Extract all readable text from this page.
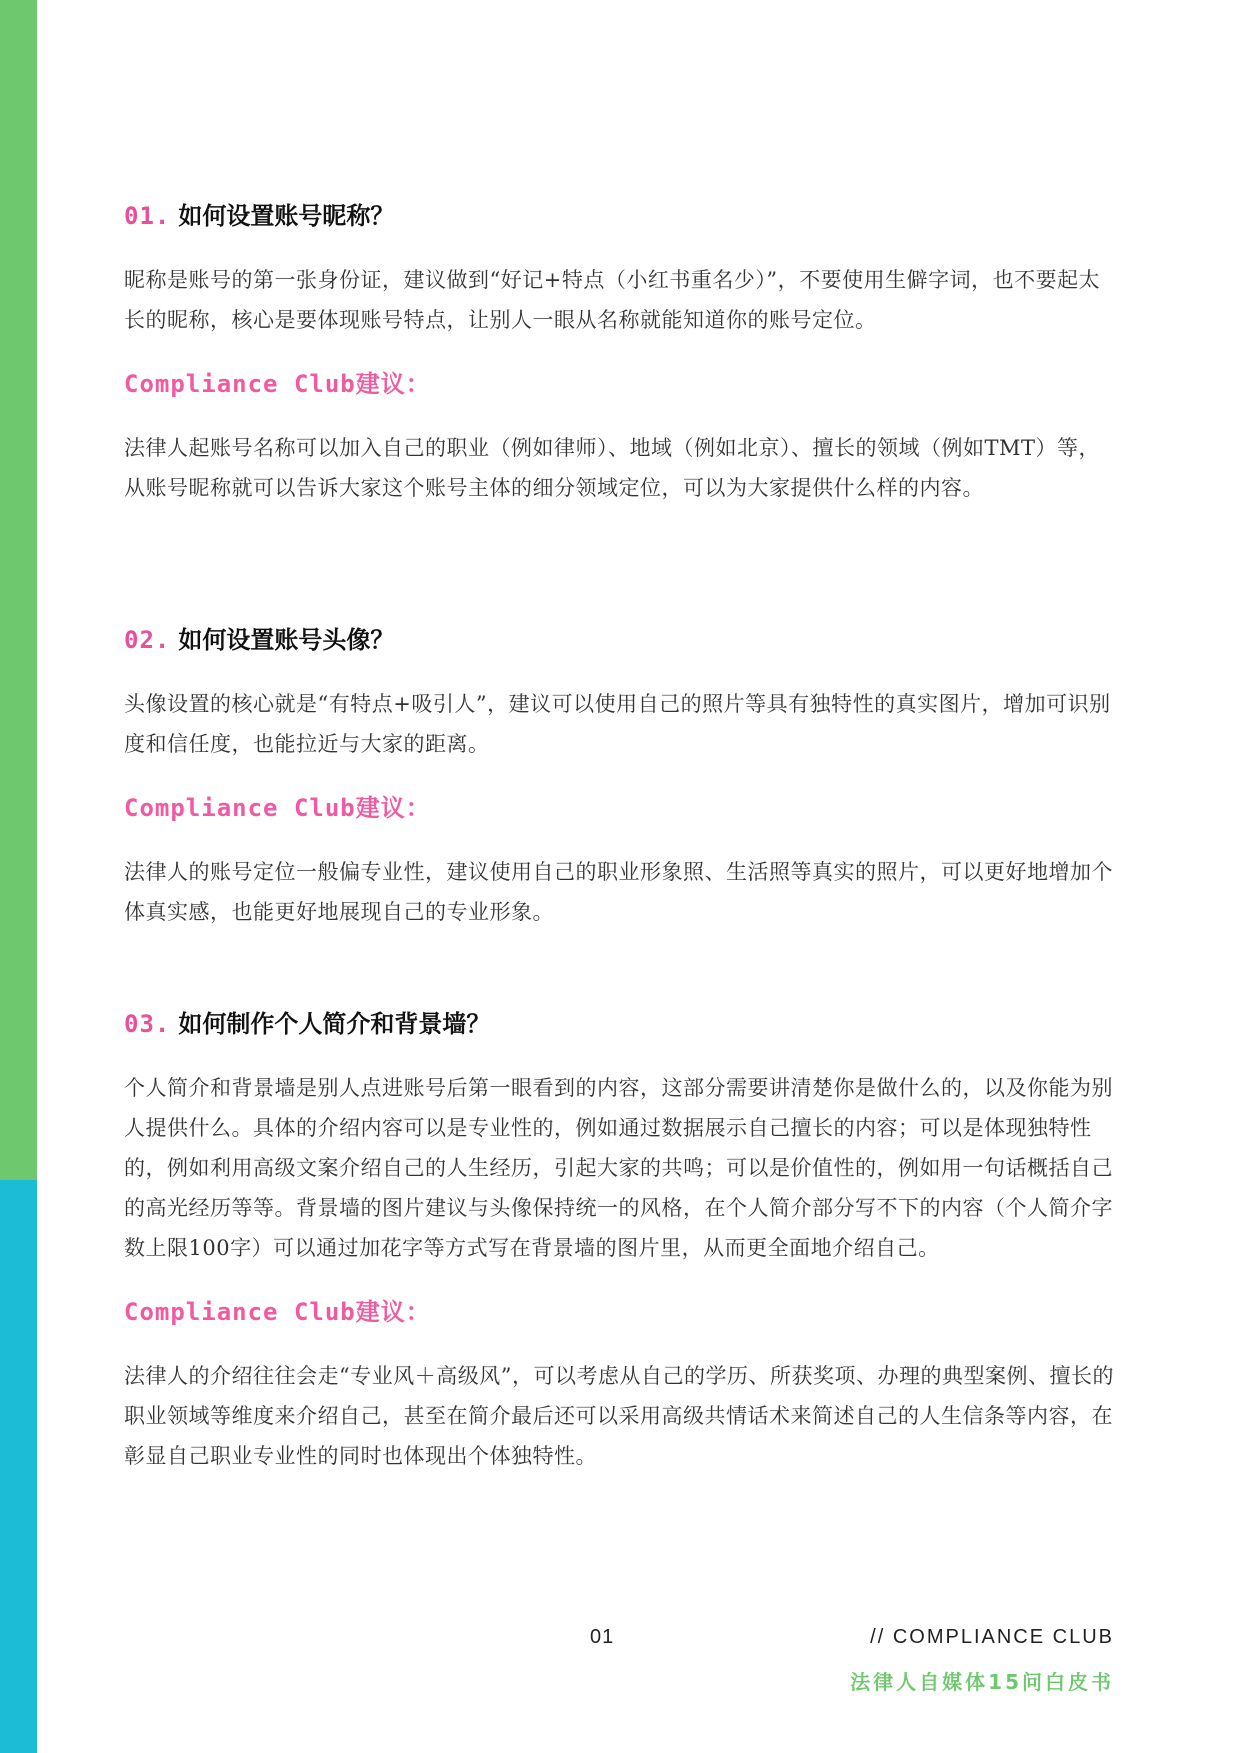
01. 如何设置账号昵称？

昵称是账号的第一张身份证，建议做到“好记+特点（小红书重名少）”，不要使用生僻字词，也不要起太长的昵称，核心是要体现账号特点，让别人一眼从名称就能知道你的账号定位。

Compliance Club建议：

法律人起账号名称可以加入自己的职业（例如律师）、地域（例如北京）、擅长的领域（例如TMT）等，从账号昵称就可以告诉大家这个账号主体的细分领域定位，可以为大家提供什么样的内容。

02. 如何设置账号头像？

头像设置的核心就是“有特点+吸引人”，建议可以使用自己的照片等具有独特性的真实图片，增加可识别度和信任度，也能拉近与大家的距离。

Compliance Club建议：

法律人的账号定位一般偏专业性，建议使用自己的职业形象照、生活照等真实的照片，可以更好地增加个体真实感，也能更好地展现自己的专业形象。

03. 如何制作个人简介和背景墙？

个人简介和背景墙是别人点进账号后第一眼看到的内容，这部分需要讲清楚你是做什么的，以及你能为别人提供什么。具体的介绍内容可以是专业性的，例如通过数据展示自己擅长的内容；可以是体现独特性的，例如利用高级文案介绍自己的人生经历，引起大家的共鸣；可以是价值性的，例如用一句话概括自己的高光经历等等。背景墙的图片建议与头像保持统一的风格，在个人简介部分写不下的内容（个人简介字数上限100字）可以通过加花字等方式写在背景墙的图片里，从而更全面地介绍自己。

Compliance Club建议：

法律人的介绍往往会走“专业风＋高级风”，可以考虑从自己的学历、所获奖项、办理的典型案例、擅长的职业领域等维度来介绍自己，甚至在简介最后还可以采用高级共情话术来简述自己的人生信条等内容，在彰显自己职业专业性的同时也体现出个体独特性。

01	// COMPLIANCE CLUB
法律人自媒体15问白皮书
